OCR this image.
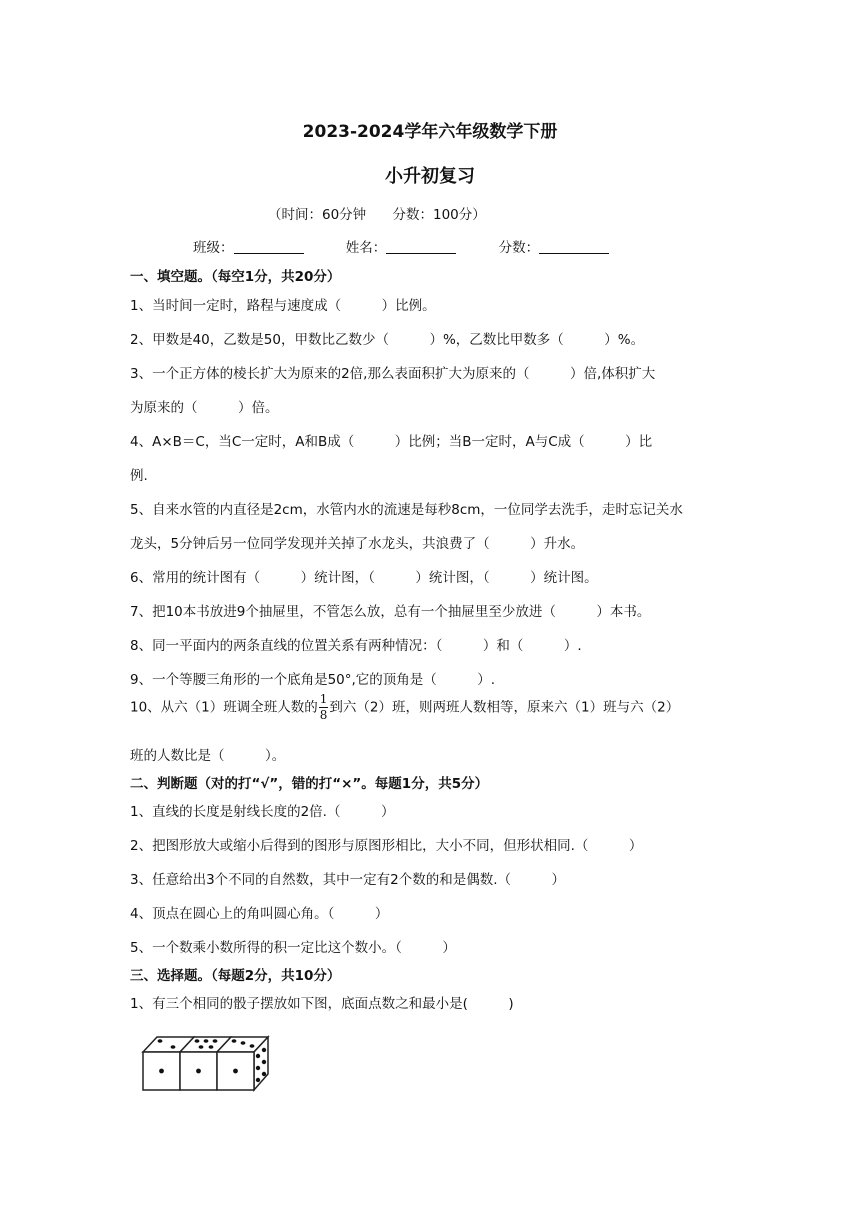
2023-2024学年六年级数学下册
小升初复习
（时间：60分钟 分数：100分）
班级：	姓名：	分数：
一、填空题。（每空1分，共20分）
1、当时间一定时，路程与速度成（　　　）比例。
2、甲数是40，乙数是50，甲数比乙数少（　　　）%，乙数比甲数多（　　　）%。
3、一个正方体的棱长扩大为原来的2倍,那么表面积扩大为原来的（　　　）倍,体积扩大
为原来的（　　　）倍。
4、A×B＝C，当C一定时，A和B成（　　　）比例；当B一定时，A与C成（　　　）比
例.
5、自来水管的内直径是2cm，水管内水的流速是每秒8cm，一位同学去洗手，走时忘记关水
龙头，5分钟后另一位同学发现并关掉了水龙头，共浪费了（　　　）升水。
6、常用的统计图有（　　　）统计图，（　　　）统计图，（　　　）统计图。
7、把10本书放进9个抽屉里，不管怎么放，总有一个抽屉里至少放进（　　　）本书。
8、同一平面内的两条直线的位置关系有两种情况：（　　　）和（　　　）.
9、一个等腰三角形的一个底角是50°,它的顶角是（　　　）.
10、从六（1）班调全班人数的 $\frac{1}{8}$ 到六（2）班，则两班人数相等，原来六（1）班与六（2）
班的人数比是（　　　）。
二、判断题（对的打“√”，错的打“×”。每题1分，共5分）
1、直线的长度是射线长度的2倍.（　　　）
2、把图形放大或缩小后得到的图形与原图形相比，大小不同，但形状相同.（　　　）
3、任意给出3个不同的自然数，其中一定有2个数的和是偶数.（　　　）
4、顶点在圆心上的角叫圆心角。（　　　）
5、一个数乘小数所得的积一定比这个数小。（　　　）
三、选择题。（每题2分，共10分）
1、有三个相同的骰子摆放如下图，底面点数之和最小是(　　　)
